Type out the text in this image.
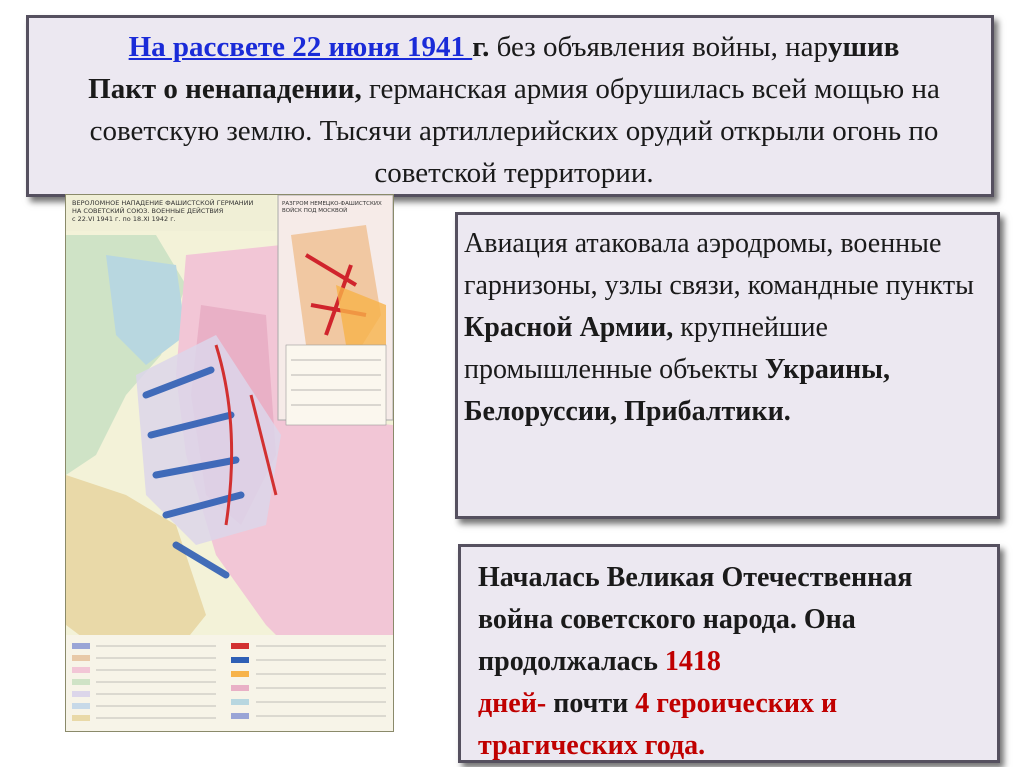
На рассвете 22 июня 1941 г. без объявления войны, нарушив
Пакт о ненападении, германская армия обрушилась всей мощью на советскую землю. Тысячи артиллерийских орудий открыли огонь по советской территории.

ВЕРОЛОМНОЕ НАПАДЕНИЕ ФАШИСТСКОЙ ГЕРМАНИИ НА СОВЕТСКИЙ СОЮЗ. ВОЕННЫЕ ДЕЙСТВИЯ с 22.VI 1941 г. по 18.XI 1942 г.
РАЗГРОМ НЕМЕЦКО-ФАШИСТСКИХ ВОЙСК ПОД МОСКВОЙ

Авиация атаковала аэродромы, военные гарнизоны, узлы связи, командные пункты Красной Армии, крупнейшие промышленные объекты Украины, Белоруссии, Прибалтики.

Началась Великая Отечественная война советского народа. Она продолжалась 1418
дней- почти 4 героических и трагических года.
